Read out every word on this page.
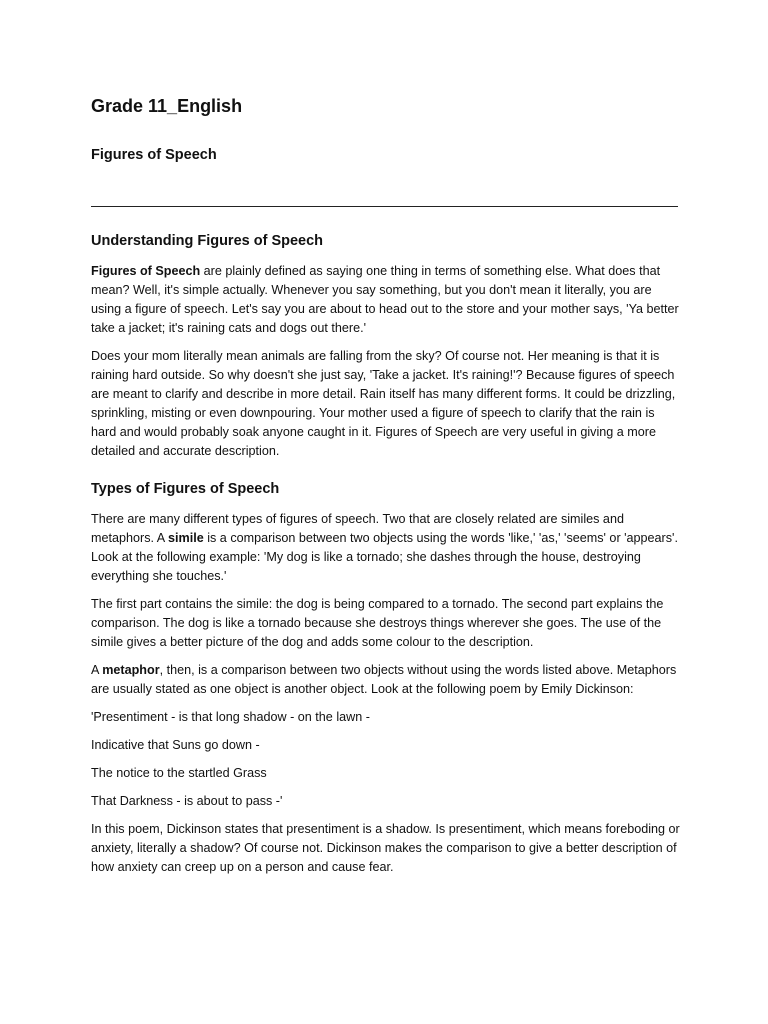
Grade 11_English
Figures of Speech
Understanding Figures of Speech

Figures of Speech are plainly defined as saying one thing in terms of something else. What does that mean? Well, it's simple actually. Whenever you say something, but you don't mean it literally, you are using a figure of speech. Let's say you are about to head out to the store and your mother says, 'Ya better take a jacket; it's raining cats and dogs out there.'

Does your mom literally mean animals are falling from the sky? Of course not. Her meaning is that it is raining hard outside. So why doesn't she just say, 'Take a jacket. It's raining!'? Because figures of speech are meant to clarify and describe in more detail. Rain itself has many different forms. It could be drizzling, sprinkling, misting or even downpouring. Your mother used a figure of speech to clarify that the rain is hard and would probably soak anyone caught in it. Figures of Speech are very useful in giving a more detailed and accurate description.

Types of Figures of Speech

There are many different types of figures of speech. Two that are closely related are similes and metaphors. A simile is a comparison between two objects using the words 'like,' 'as,' 'seems' or 'appears'. Look at the following example: 'My dog is like a tornado; she dashes through the house, destroying everything she touches.'

The first part contains the simile: the dog is being compared to a tornado. The second part explains the comparison. The dog is like a tornado because she destroys things wherever she goes. The use of the simile gives a better picture of the dog and adds some colour to the description.

A metaphor, then, is a comparison between two objects without using the words listed above. Metaphors are usually stated as one object is another object. Look at the following poem by Emily Dickinson:

'Presentiment - is that long shadow - on the lawn -

Indicative that Suns go down -

The notice to the startled Grass

That Darkness - is about to pass -'

In this poem, Dickinson states that presentiment is a shadow. Is presentiment, which means foreboding or anxiety, literally a shadow? Of course not. Dickinson makes the comparison to give a better description of how anxiety can creep up on a person and cause fear.
